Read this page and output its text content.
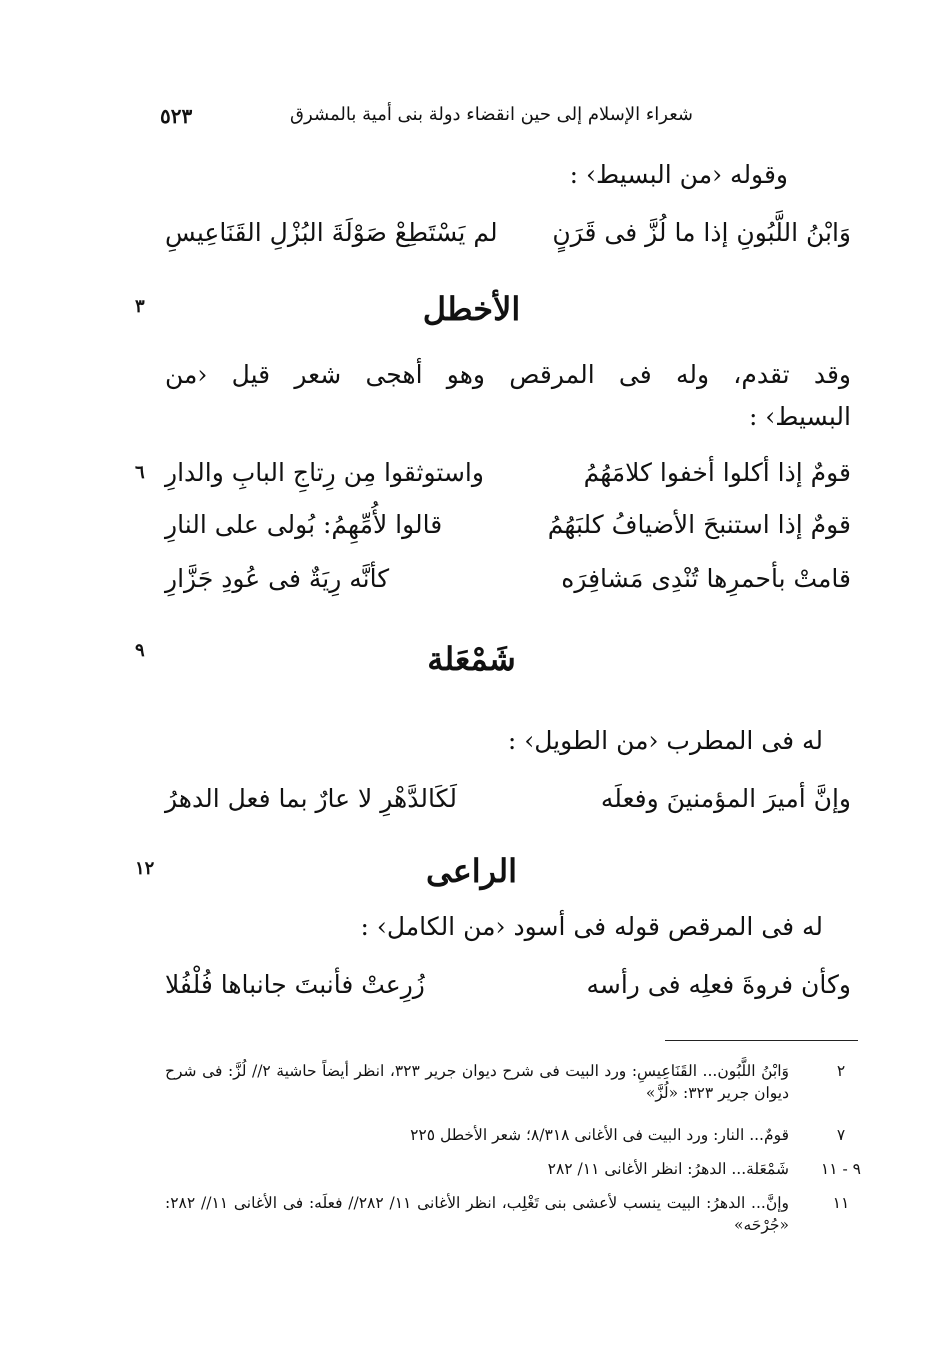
شعراء الإسلام إلى حين انقضاء دولة بنى أمية بالمشرق
٥٢٣
وقوله ‹من البسيط› :
وَابْنُ اللَّبُونِ إذا ما لُزَّ فى قَرَنٍ
لم يَسْتَطِعْ صَوْلَةَ البُزْلِ القَنَاعِيسِ
الأخطل
٣
وقد تقدم، وله فى المرقص وهو أهجى شعر قيل ‹من
البسيط› :
قومٌ إذا أكلوا أخفوا كلامَهُمُ
واستوثقوا مِن رِتاجِ البابِ والدارِ
٦
قومٌ إذا استنبحَ الأضيافُ كلبَهُمُ
قالوا لأُمِّهِمُ: بُولى على النارِ
قامتْ بأحمرِها تُنْدِى مَشافِرَه
كأنَّه رِيَةٌ فى عُودِ جَزَّارِ
شَمْعَلة
٩
له فى المطرب ‹من الطويل› :
وإنَّ أميرَ المؤمنينَ وفعلَه
لَكَالدَّهْرِ لا عارٌ بما فعل الدهرُ
الراعى
١٢
له فى المرقص قوله فى أسود ‹من الكامل› :
وكأن فروةَ فعلِه فى رأسه
زُرِعتْ فأنبتَ جانباها فُلْفُلا
٢
وَابْنُ اللَّبُون... القَنَاعِيسِ: ورد البيت فى شرح ديوان جرير ٣٢٣، انظر أيضاً حاشية ٢// لُزَّ: فى شرح ديوان جرير ٣٢٣: «لُزَّ»
٧
قومٌ... النار: ورد البيت فى الأغانى ٨/٣١٨؛ شعر الأخطل ٢٢٥
٩ - ١١
شَمْعَلة... الدهرُ: انظر الأغانى ١١/ ٢٨٢
١١
وإنَّ... الدهرُ: البيت ينسب لأعشى بنى تَغْلِب، انظر الأغانى ١١/ ٢٨٢// فعلَه: فى الأغانى ١١// ٢٨٢: «جُرْحَه»
